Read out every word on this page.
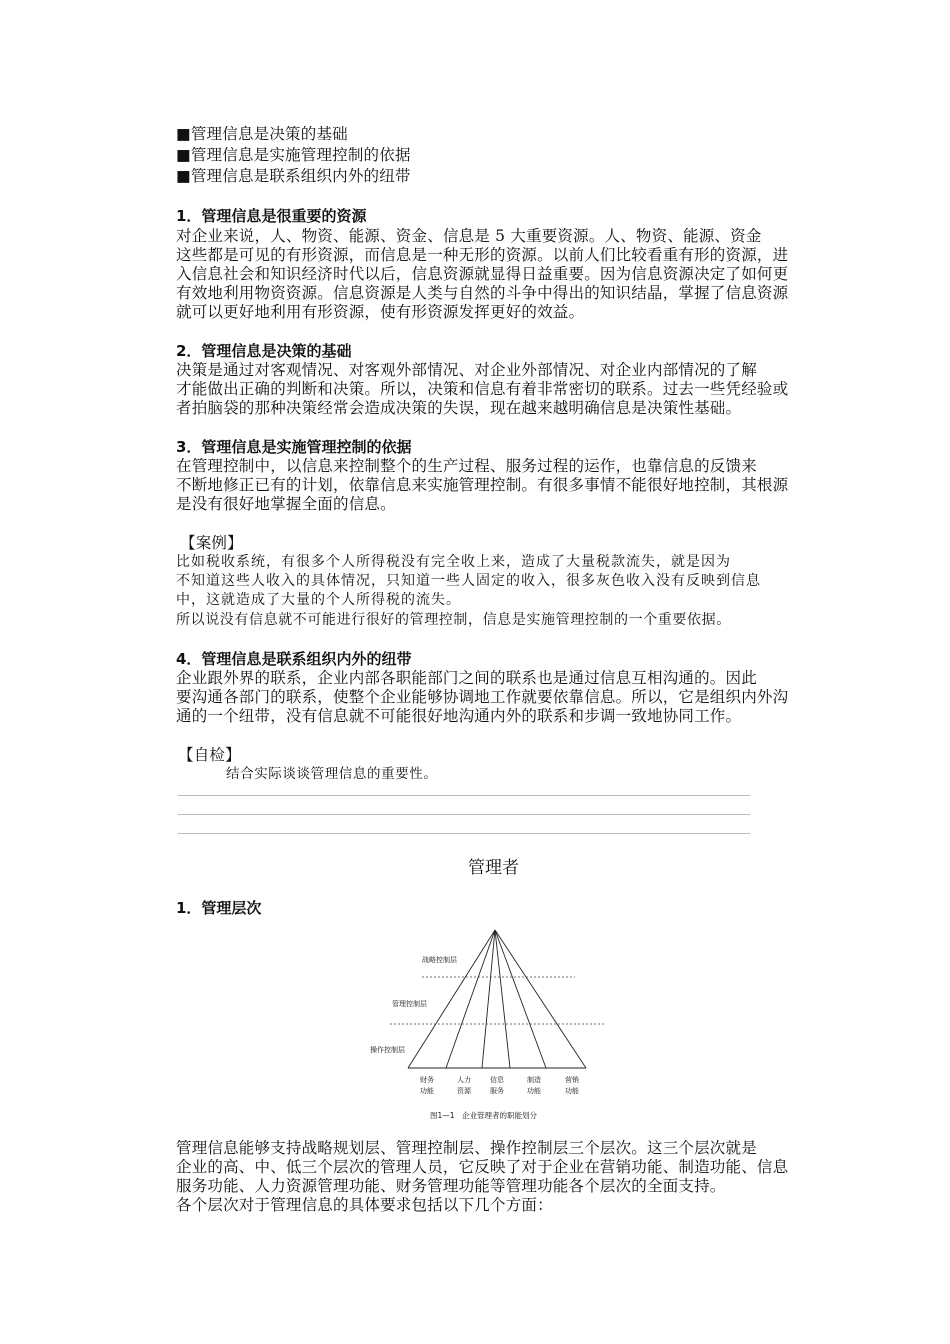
■管理信息是决策的基础
■管理信息是实施管理控制的依据
■管理信息是联系组织内外的纽带
1．管理信息是很重要的资源
对企业来说，人、物资、能源、资金、信息是 5 大重要资源。人、物资、能源、资金
这些都是可见的有形资源，而信息是一种无形的资源。以前人们比较看重有形的资源，进
入信息社会和知识经济时代以后，信息资源就显得日益重要。因为信息资源决定了如何更
有效地利用物资资源。信息资源是人类与自然的斗争中得出的知识结晶，掌握了信息资源
就可以更好地利用有形资源，使有形资源发挥更好的效益。
2．管理信息是决策的基础
决策是通过对客观情况、对客观外部情况、对企业外部情况、对企业内部情况的了解
才能做出正确的判断和决策。所以，决策和信息有着非常密切的联系。过去一些凭经验或
者拍脑袋的那种决策经常会造成决策的失误，现在越来越明确信息是决策性基础。
3．管理信息是实施管理控制的依据
在管理控制中，以信息来控制整个的生产过程、服务过程的运作，也靠信息的反馈来
不断地修正已有的计划，依靠信息来实施管理控制。有很多事情不能很好地控制，其根源
是没有很好地掌握全面的信息。
【案例】
比如税收系统，有很多个人所得税没有完全收上来，造成了大量税款流失，就是因为
不知道这些人收入的具体情况，只知道一些人固定的收入，很多灰色收入没有反映到信息
中，这就造成了大量的个人所得税的流失。
所以说没有信息就不可能进行很好的管理控制，信息是实施管理控制的一个重要依据。
4．管理信息是联系组织内外的纽带
企业跟外界的联系，企业内部各职能部门之间的联系也是通过信息互相沟通的。因此
要沟通各部门的联系，使整个企业能够协调地工作就要依靠信息。所以，它是组织内外沟
通的一个纽带，没有信息就不可能很好地沟通内外的联系和步调一致地协同工作。
【自检】
结合实际谈谈管理信息的重要性。
管理者
1．管理层次
战略控制层
管理控制层
操作控制层
财务
功能
人力
资源
信息
服务
制造
功能
营销
功能
图1—1　企业管理者的职能划分
管理信息能够支持战略规划层、管理控制层、操作控制层三个层次。这三个层次就是
企业的高、中、低三个层次的管理人员，它反映了对于企业在营销功能、制造功能、信息
服务功能、人力资源管理功能、财务管理功能等管理功能各个层次的全面支持。
各个层次对于管理信息的具体要求包括以下几个方面：
